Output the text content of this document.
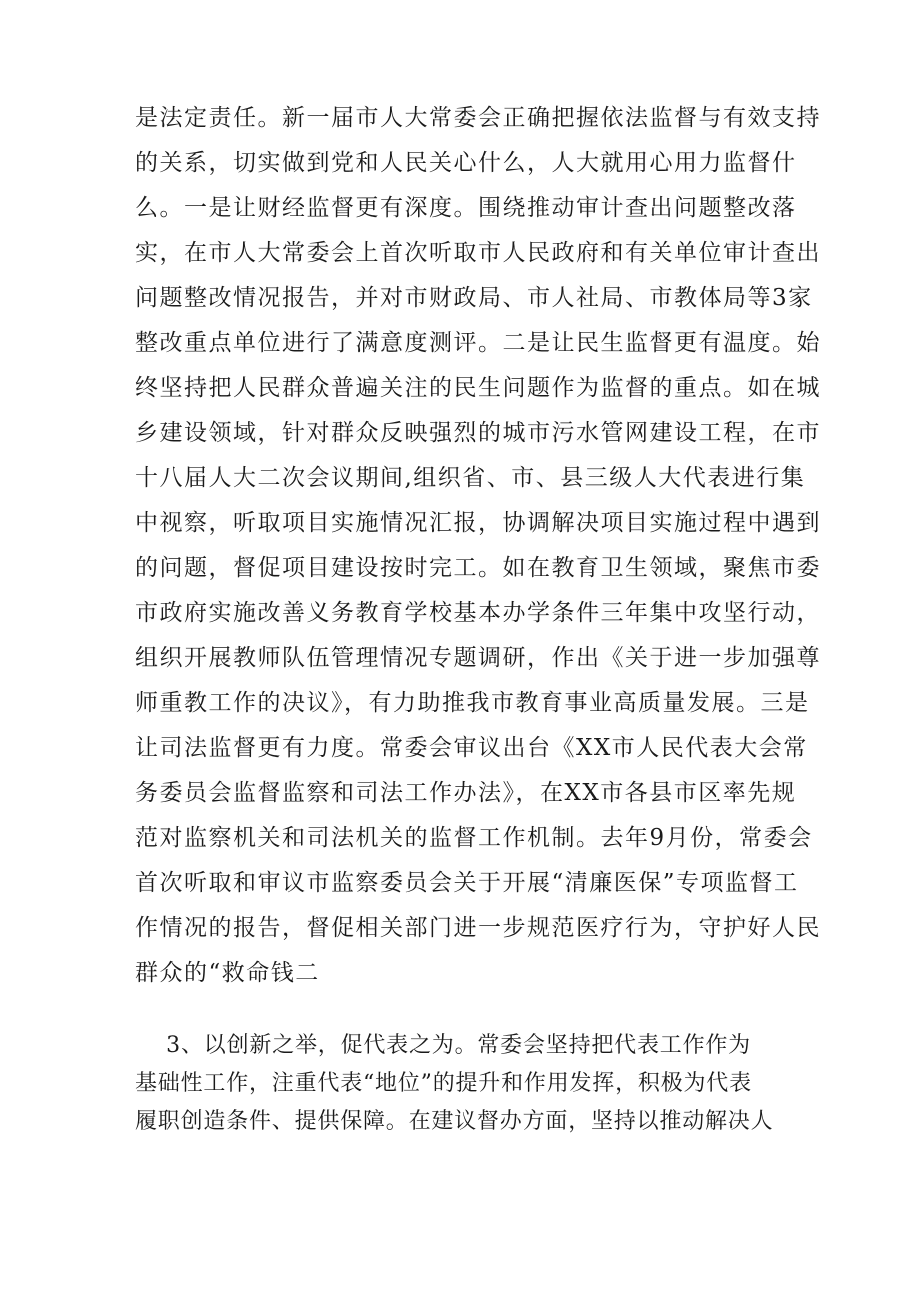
是法定责任。新一届市人大常委会正确把握依法监督与有效支持
的关系，切实做到党和人民关心什么，人大就用心用力监督什
么。一是让财经监督更有深度。围绕推动审计查出问题整改落
实，在市人大常委会上首次听取市人民政府和有关单位审计查出
问题整改情况报告，并对市财政局、市人社局、市教体局等3家
整改重点单位进行了满意度测评。二是让民生监督更有温度。始
终坚持把人民群众普遍关注的民生问题作为监督的重点。如在城
乡建设领域，针对群众反映强烈的城市污水管网建设工程，在市
十八届人大二次会议期间,组织省、市、县三级人大代表进行集
中视察，听取项目实施情况汇报，协调解决项目实施过程中遇到
的问题，督促项目建设按时完工。如在教育卫生领域，聚焦市委
市政府实施改善义务教育学校基本办学条件三年集中攻坚行动，
组织开展教师队伍管理情况专题调研，作出《关于进一步加强尊
师重教工作的决议》，有力助推我市教育事业高质量发展。三是
让司法监督更有力度。常委会审议出台《XX市人民代表大会常
务委员会监督监察和司法工作办法》，在XX市各县市区率先规
范对监察机关和司法机关的监督工作机制。去年9月份，常委会
首次听取和审议市监察委员会关于开展“清廉医保”专项监督工
作情况的报告，督促相关部门进一步规范医疗行为，守护好人民
群众的“救命钱二
3、以创新之举，促代表之为。常委会坚持把代表工作作为
基础性工作，注重代表“地位”的提升和作用发挥，积极为代表
履职创造条件、提供保障。在建议督办方面，坚持以推动解决人
